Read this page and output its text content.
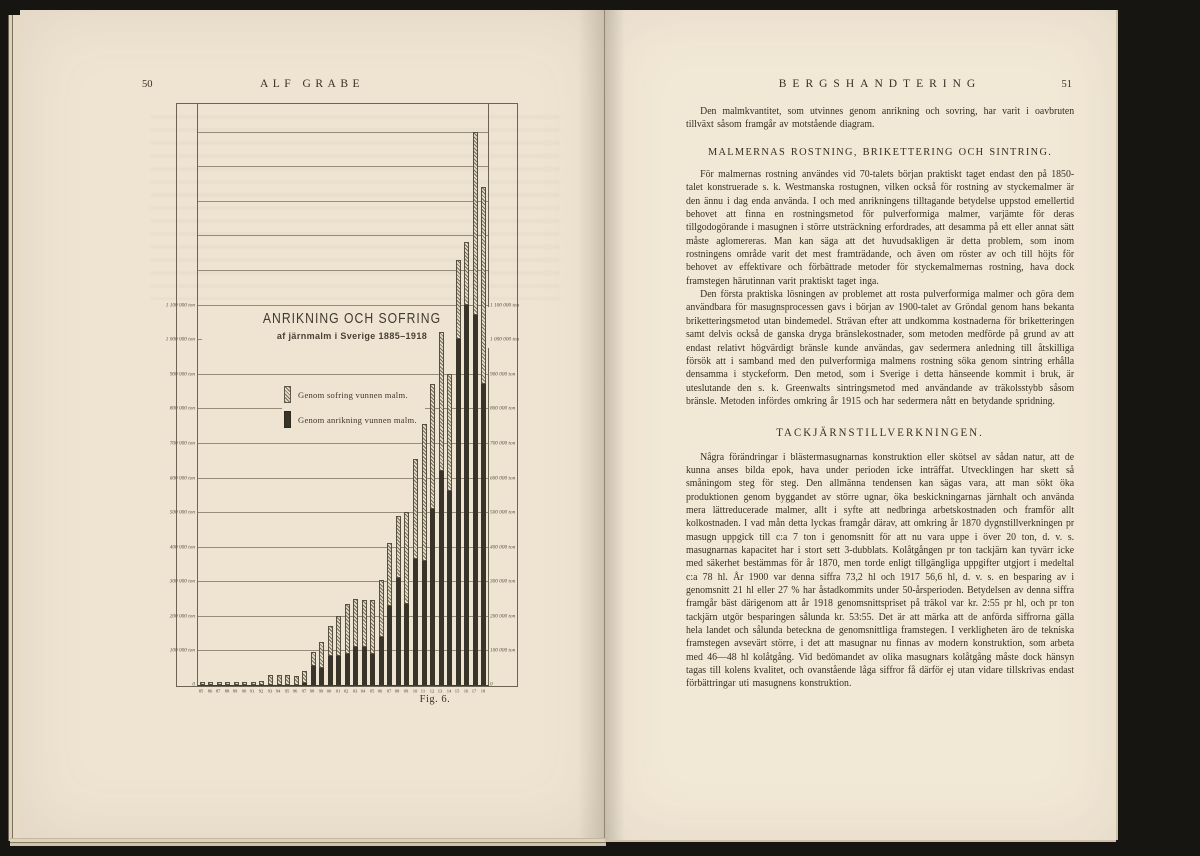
50	ALF GRABE
ANRIKNING OCH SOFRING
af järnmalm i Sverige 1885–1918
Genom sofring vunnen malm.
Genom anrikning vunnen malm.
100 000 ton
200 000 ton
300 000 ton
400 000 ton
500 000 ton
600 000 ton
700 000 ton
800 000 ton
900 000 ton
1 000 000 ton
1 100 000 ton
0
100 000 ton
200 000 ton
300 000 ton
400 000 ton
500 000 ton
600 000 ton
700 000 ton
800 000 ton
900 000 ton
1 000 000 ton
1 100 000 ton
0
85 86 87 88 89 90 91 92 93 94 95 96 97 98 99 00 01 02 03 04 05 06 07 08 09 10 11 12 13 14 15 16 17 18
Fig. 6.
BERGSHANDTERING	51

Den malmkvantitet, som utvinnes genom anrikning och sovring, har varit i oavbruten tillväxt såsom framgår av motstående diagram.

MALMERNAS ROSTNING, BRIKETTERING OCH SINTRING.

För malmernas rostning användes vid 70-talets början praktiskt taget endast den på 1850-talet konstruerade s. k. Westmanska rostugnen, vilken också för rostning av styckemalmer är den ännu i dag enda använda. I och med anrikningens tilltagande betydelse uppstod emellertid behovet att finna en rostningsmetod för pulverformiga malmer, varjämte för deras tillgodogörande i masugnen i större utsträckning erfordrades, att desamma på ett eller annat sätt måste aglomereras. Man kan säga att det huvudsakligen är detta problem, som inom rostningens område varit det mest framträdande, och även om röster av och till höjts för behovet av effektivare och förbättrade metoder för styckemalmernas rostning, hava dock framstegen härutinnan varit praktiskt taget inga.

Den första praktiska lösningen av problemet att rosta pulverformiga malmer och göra dem användbara för masugnsprocessen gavs i början av 1900-talet av Gröndal genom hans bekanta briketteringsmetod utan bindemedel. Strävan efter att undkomma kostnaderna för briketteringen samt delvis också de ganska dryga bränslekostnader, som metoden medförde på grund av att endast relativt högvärdigt bränsle kunde användas, gav sedermera anledning till åtskilliga försök att i samband med den pulverformiga malmens rostning söka genom sintring erhålla densamma i styckeform. Den metod, som i Sverige i detta hänseende kommit i bruk, är uteslutande den s. k. Greenwalts sintringsmetod med användande av träkolsstybb såsom bränsle. Metoden infördes omkring år 1915 och har sedermera nått en betydande spridning.

TACKJÄRNSTILLVERKNINGEN.

Några förändringar i blästermasugnarnas konstruktion eller skötsel av sådan natur, att de kunna anses bilda epok, hava under perioden icke inträffat. Utvecklingen har skett så småningom steg för steg. Den allmänna tendensen kan sägas vara, att man sökt öka produktionen genom byggandet av större ugnar, öka beskickningarnas järnhalt och använda mera lättreducerade malmer, allt i syfte att nedbringa arbetskostnaden och framför allt kolkostnaden. I vad mån detta lyckas framgår därav, att omkring år 1870 dygnstillverkningen pr masugn uppgick till c:a 7 ton i genomsnitt för att nu vara uppe i över 20 ton, d. v. s. masugnarnas kapacitet har i stort sett 3-dubblats. Kolåtgången pr ton tackjärn kan tyvärr icke med säkerhet bestämmas för år 1870, men torde enligt tillgängliga uppgifter utgjort i medeltal c:a 78 hl. År 1900 var denna siffra 73,2 hl och 1917 56,6 hl, d. v. s. en besparing av i genomsnitt 21 hl eller 27 % har åstadkommits under 50-årsperioden. Betydelsen av denna siffra framgår bäst därigenom att år 1918 genomsnittspriset på träkol var kr. 2:55 pr hl, och pr ton tackjärn utgör besparingen sålunda kr. 53:55. Det är att märka att de anförda siffrorna gälla hela landet och sålunda beteckna de genomsnittliga framstegen. I verkligheten äro de tekniska framstegen avsevärt större, i det att masugnar nu finnas av modern konstruktion, som arbeta med 46—48 hl kolåtgång. Vid bedömandet av olika masugnars kolåtgång måste dock hänsyn tagas till kolens kvalitet, och ovanstående låga siffror få därför ej utan vidare tillskrivas endast förbättringar uti masugnens konstruktion.
